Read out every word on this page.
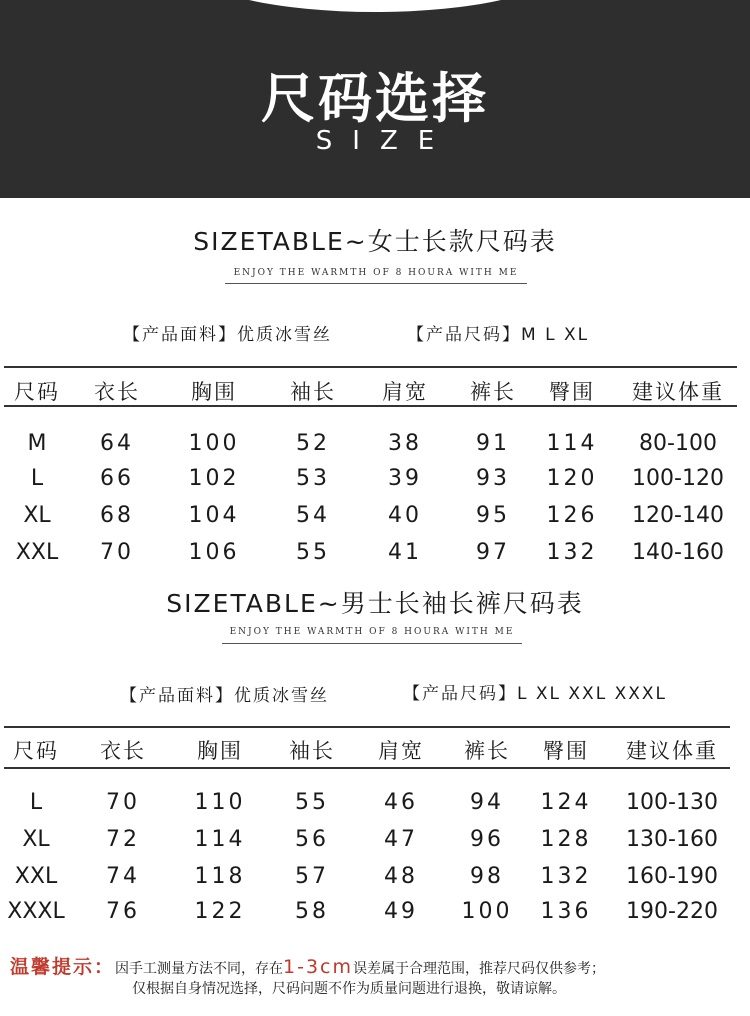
尺码选择
SIZE
SIZETABLE~女士长款尺码表
ENJOY THE WARMTH OF 8 HOURA WITH ME
【产品面料】优质冰雪丝	【产品尺码】M L XL
尺码 衣长 胸围	袖长 肩宽 裤长 臀围 建议体重
M 64 100	52	38 91 114 80-100
L	66 102	53	39 93 120 100-120
XL 68 104	54	40 95 126 120-140
XXL 70 106	55	41 97 132 140-160
SIZETABLE~男士长袖长裤尺码表
ENJOY THE WARMTH OF 8 HOURA WITH ME
【产品面料】优质冰雪丝	【产品尺码】L XL XXL XXXL
尺码 衣长 胸围 袖长 肩宽 裤长 臀围 建议体重
L	70 110 55	46 94 124 100-130
XL	72 114 56	47 96 128 130-160
XXL 74 118 57	48 98 132 160-190
XXXL 76 122 58	49 100 136 190-220
温馨提示：因手工测量方法不同，存在1-3cm误差属于合理范围，推荐尺码仅供参考；
仅根据自身情况选择，尺码问题不作为质量问题进行退换，敬请谅解。
